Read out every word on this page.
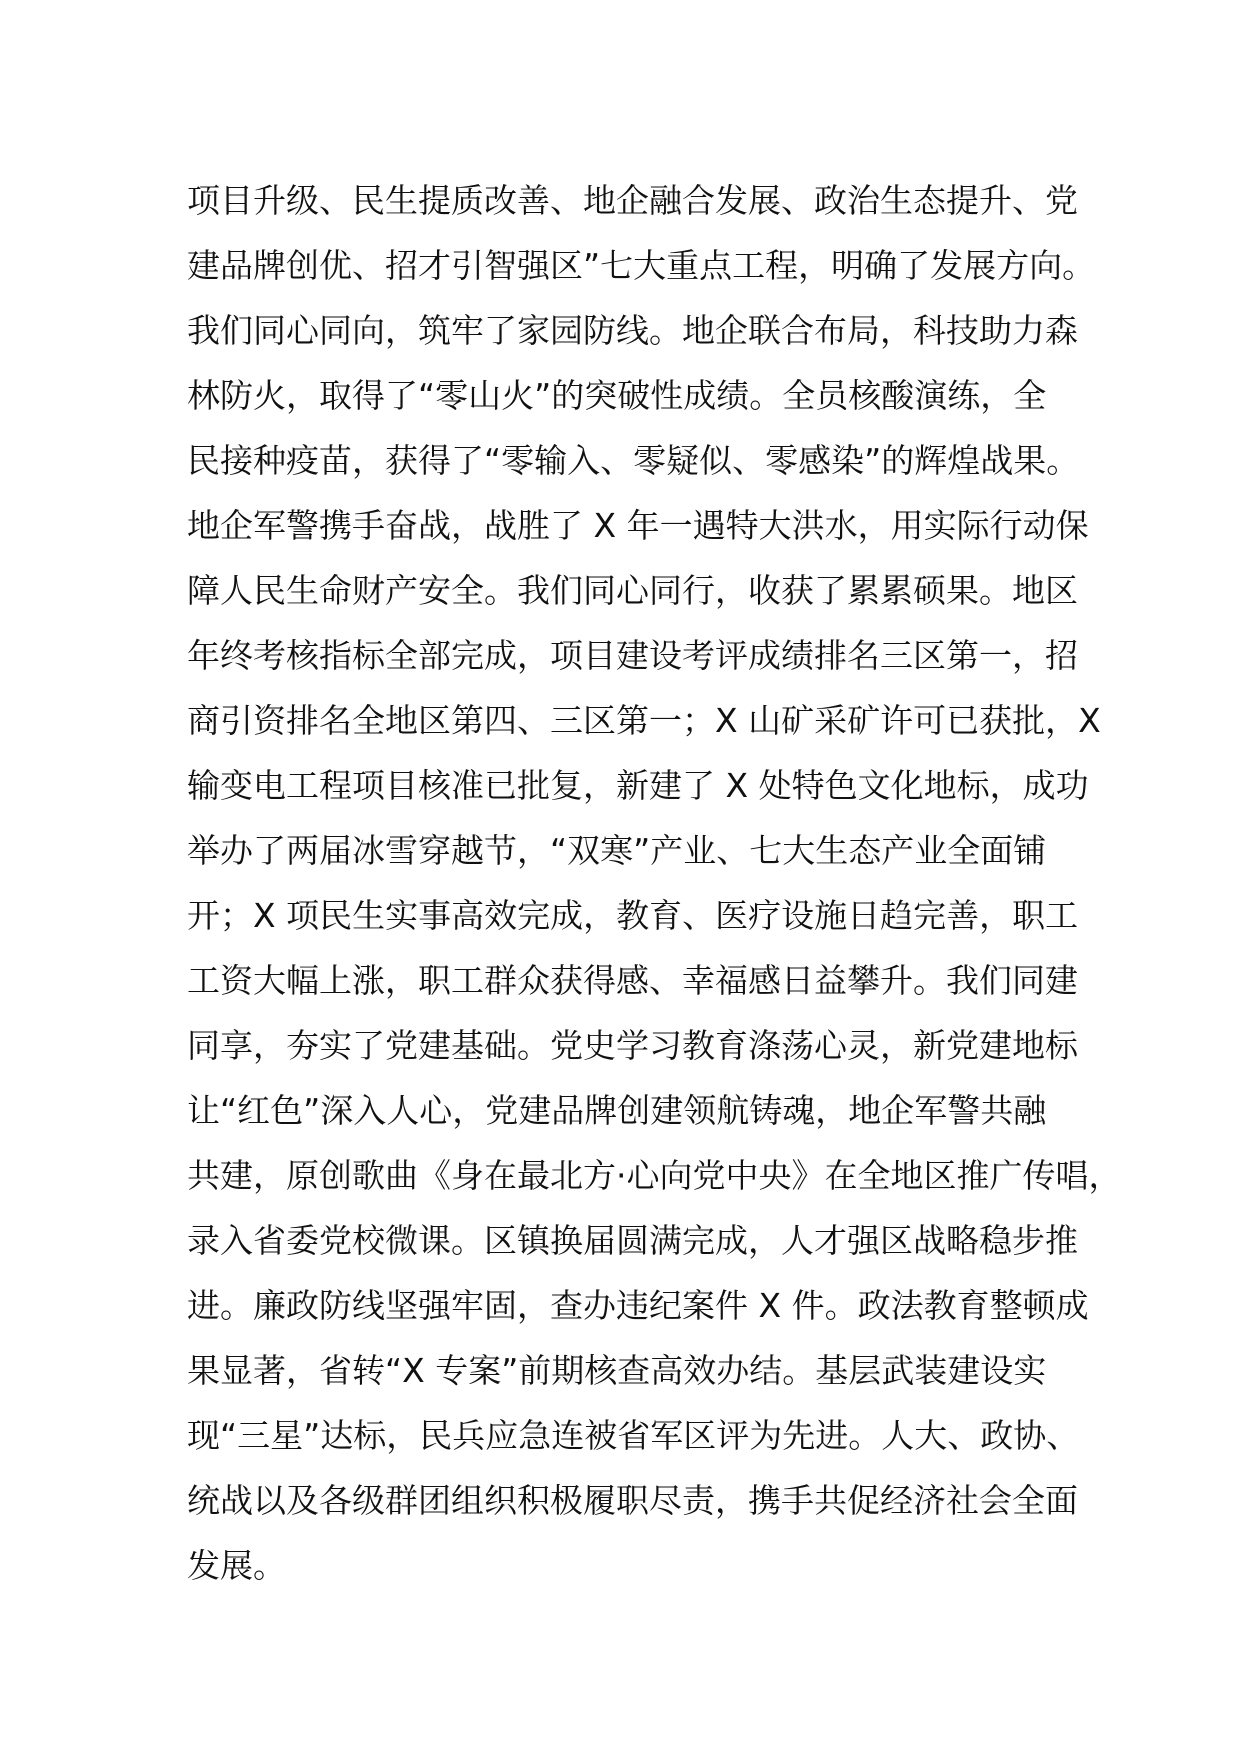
项目升级、民生提质改善、地企融合发展、政治生态提升、党
建品牌创优、招才引智强区”七大重点工程，明确了发展方向。
我们同心同向，筑牢了家园防线。地企联合布局，科技助力森
林防火，取得了“零山火”的突破性成绩。全员核酸演练，全
民接种疫苗，获得了“零输入、零疑似、零感染”的辉煌战果。
地企军警携手奋战，战胜了 X 年一遇特大洪水，用实际行动保
障人民生命财产安全。我们同心同行，收获了累累硕果。地区
年终考核指标全部完成，项目建设考评成绩排名三区第一，招
商引资排名全地区第四、三区第一；X 山矿采矿许可已获批，X
输变电工程项目核准已批复，新建了 X 处特色文化地标，成功
举办了两届冰雪穿越节，“双寒”产业、七大生态产业全面铺
开；X 项民生实事高效完成，教育、医疗设施日趋完善，职工
工资大幅上涨，职工群众获得感、幸福感日益攀升。我们同建
同享，夯实了党建基础。党史学习教育涤荡心灵，新党建地标
让“红色”深入人心，党建品牌创建领航铸魂，地企军警共融
共建，原创歌曲《身在最北方·心向党中央》在全地区推广传唱，
录入省委党校微课。区镇换届圆满完成，人才强区战略稳步推
进。廉政防线坚强牢固，查办违纪案件 X 件。政法教育整顿成
果显著，省转“X 专案”前期核查高效办结。基层武装建设实
现“三星”达标，民兵应急连被省军区评为先进。人大、政协、
统战以及各级群团组织积极履职尽责，携手共促经济社会全面
发展。
